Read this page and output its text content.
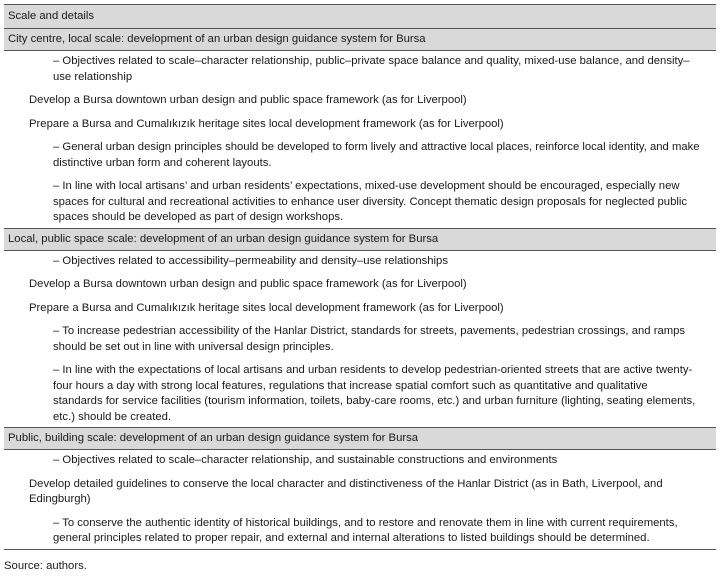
Scale and details
City centre, local scale: development of an urban design guidance system for Bursa

– Objectives related to scale–character relationship, public–private space balance and quality, mixed-use balance, and density–use relationship

Develop a Bursa downtown urban design and public space framework (as for Liverpool)

Prepare a Bursa and Cumalıkızık heritage sites local development framework (as for Liverpool)

– General urban design principles should be developed to form lively and attractive local places, reinforce local identity, and make distinctive urban form and coherent layouts.

– In line with local artisans’ and urban residents’ expectations, mixed-use development should be encouraged, especially new spaces for cultural and recreational activities to enhance user diversity. Concept thematic design proposals for neglected public spaces should be developed as part of design workshops.

Local, public space scale: development of an urban design guidance system for Bursa

– Objectives related to accessibility–permeability and density–use relationships

Develop a Bursa downtown urban design and public space framework (as for Liverpool)

Prepare a Bursa and Cumalıkızık heritage sites local development framework (as for Liverpool)

– To increase pedestrian accessibility of the Hanlar District, standards for streets, pavements, pedestrian crossings, and ramps should be set out in line with universal design principles.

– In line with the expectations of local artisans and urban residents to develop pedestrian-oriented streets that are active twenty-four hours a day with strong local features, regulations that increase spatial comfort such as quantitative and qualitative standards for service facilities (tourism information, toilets, baby-care rooms, etc.) and urban furniture (lighting, seating elements, etc.) should be created.

Public, building scale: development of an urban design guidance system for Bursa

– Objectives related to scale–character relationship, and sustainable constructions and environments

Develop detailed guidelines to conserve the local character and distinctiveness of the Hanlar District (as in Bath, Liverpool, and Edingburgh)

– To conserve the authentic identity of historical buildings, and to restore and renovate them in line with current requirements, general principles related to proper repair, and external and internal alterations to listed buildings should be determined.

Source: authors.
